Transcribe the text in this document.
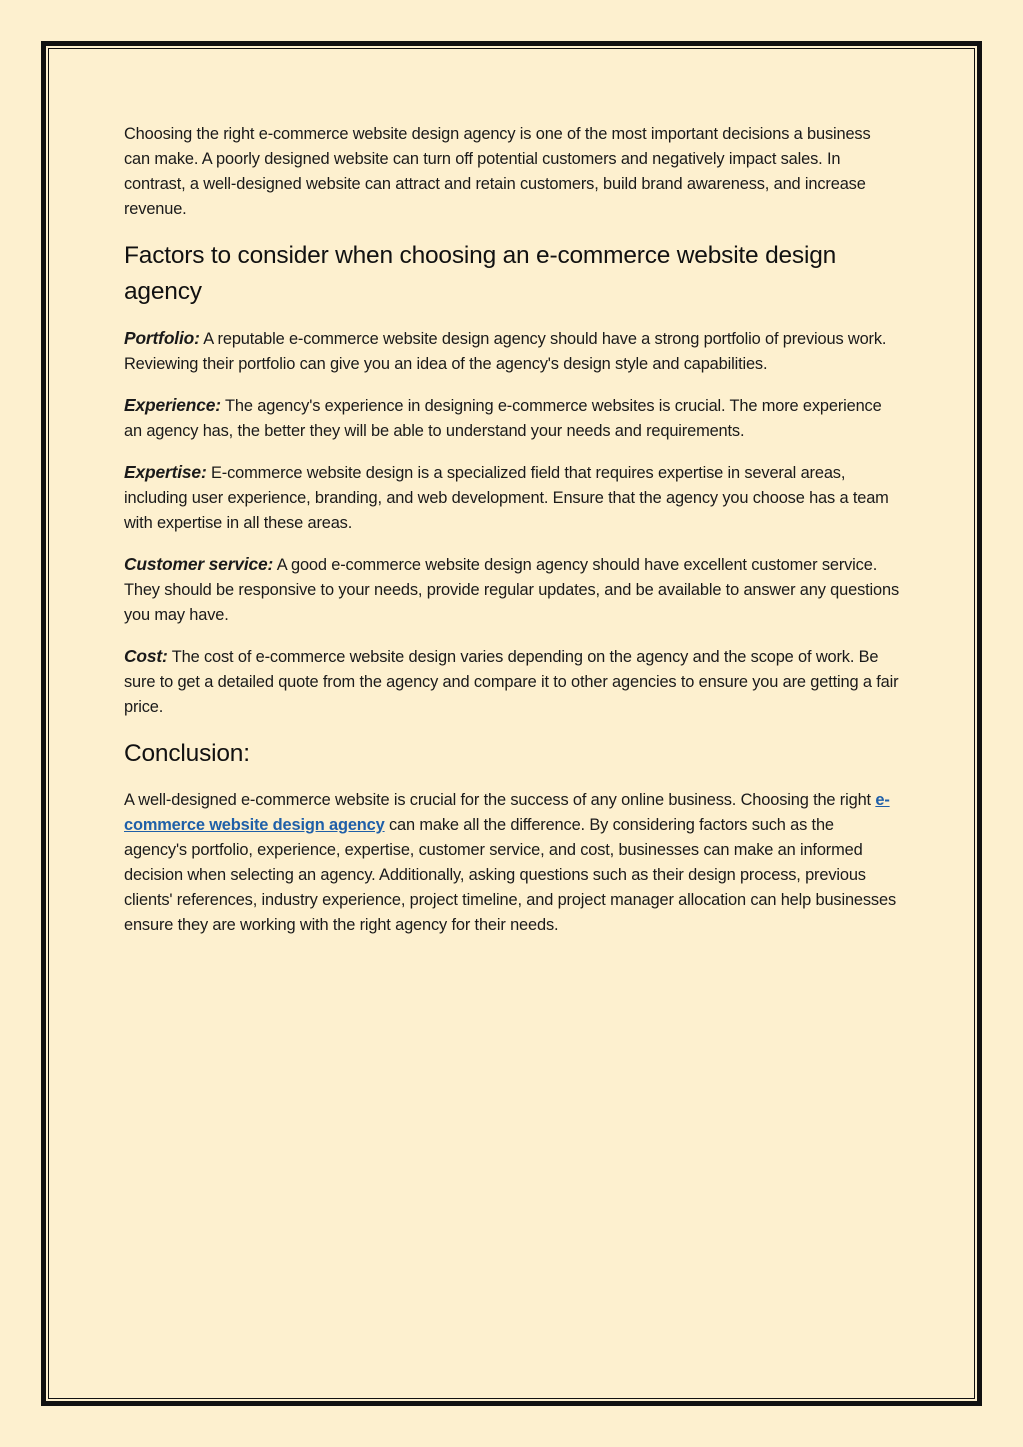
Choosing the right e-commerce website design agency is one of the most important decisions a business can make. A poorly designed website can turn off potential customers and negatively impact sales. In contrast, a well-designed website can attract and retain customers, build brand awareness, and increase revenue.

Factors to consider when choosing an e-commerce website design agency

Portfolio: A reputable e-commerce website design agency should have a strong portfolio of previous work. Reviewing their portfolio can give you an idea of the agency's design style and capabilities.

Experience: The agency's experience in designing e-commerce websites is crucial. The more experience an agency has, the better they will be able to understand your needs and requirements.

Expertise: E-commerce website design is a specialized field that requires expertise in several areas, including user experience, branding, and web development. Ensure that the agency you choose has a team with expertise in all these areas.

Customer service: A good e-commerce website design agency should have excellent customer service. They should be responsive to your needs, provide regular updates, and be available to answer any questions you may have.

Cost: The cost of e-commerce website design varies depending on the agency and the scope of work. Be sure to get a detailed quote from the agency and compare it to other agencies to ensure you are getting a fair price.

Conclusion:

A well-designed e-commerce website is crucial for the success of any online business. Choosing the right e-commerce website design agency can make all the difference. By considering factors such as the agency's portfolio, experience, expertise, customer service, and cost, businesses can make an informed decision when selecting an agency. Additionally, asking questions such as their design process, previous clients' references, industry experience, project timeline, and project manager allocation can help businesses ensure they are working with the right agency for their needs.
